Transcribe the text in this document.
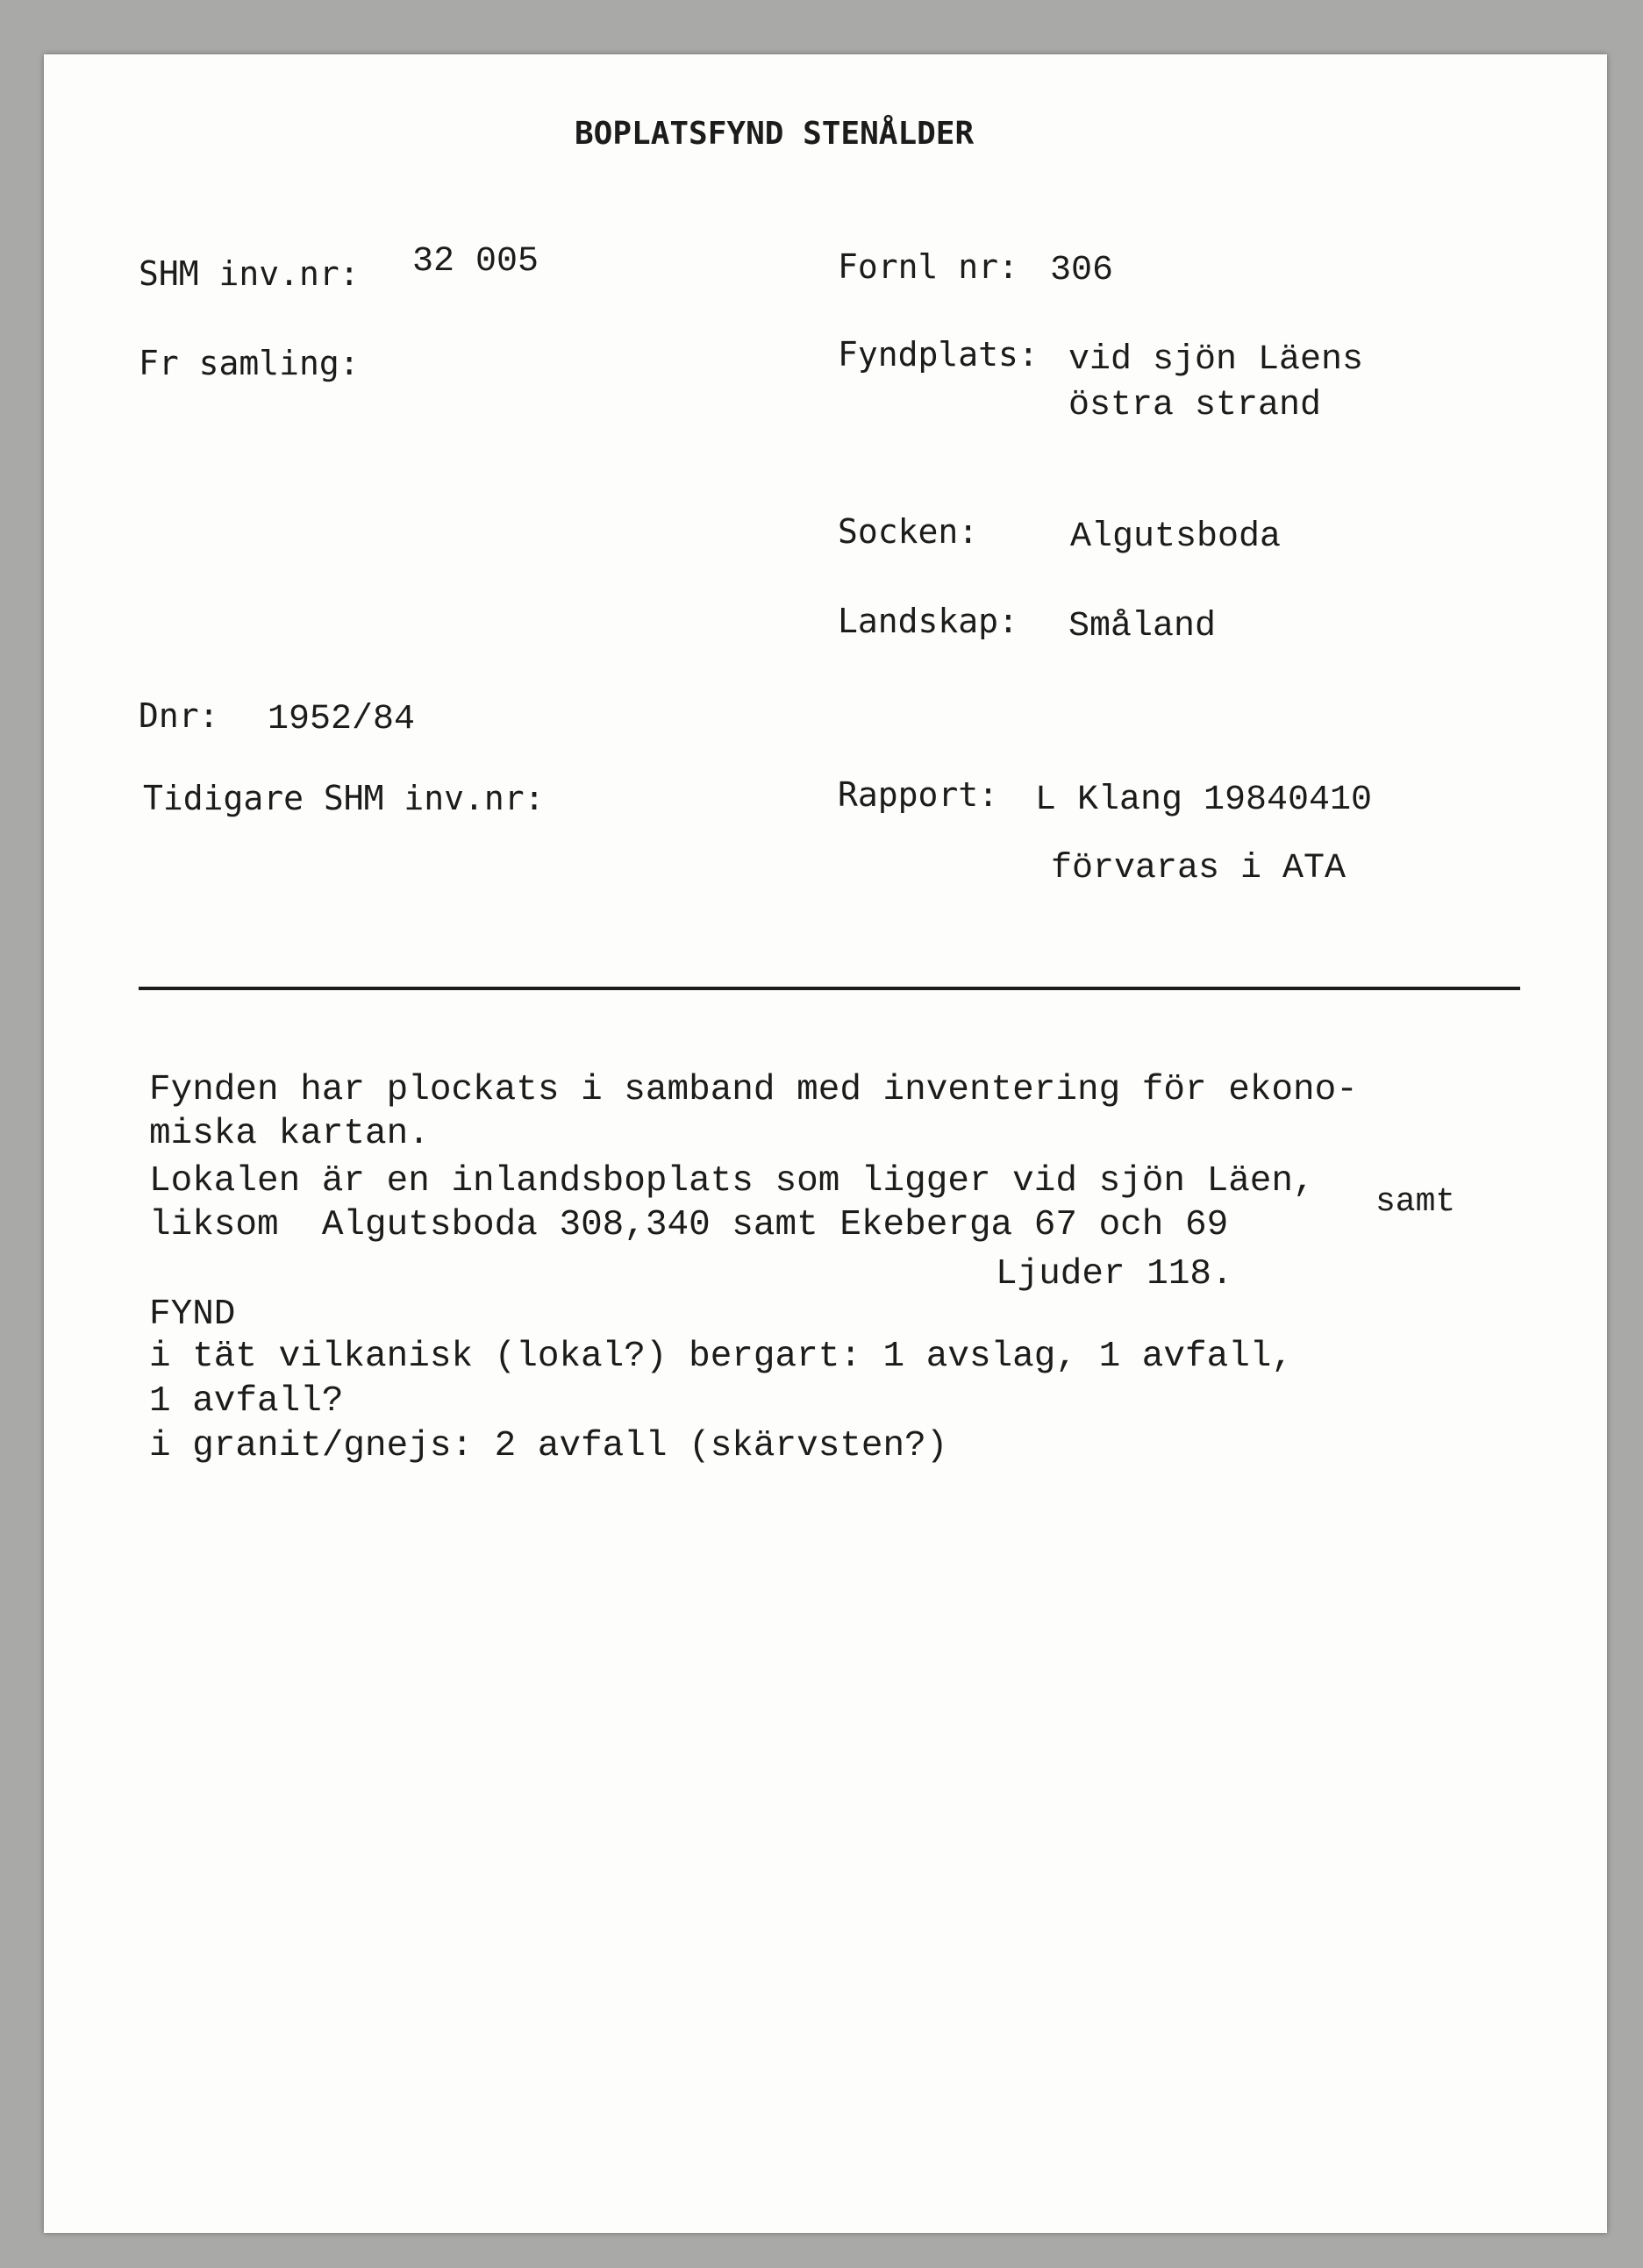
BOPLATSFYND STENÅLDER
SHM inv.nr: 32 005
Fr samling:
Dnr: 1952/84
Tidigare SHM inv.nr:
Fornl nr: 306
Fyndplats: vid sjön Läens
östra strand
Socken:	Algutsboda
Landskap: Småland
Rapport: L Klang 19840410
förvaras i ATA
Fynden har plockats i samband med inventering för ekono-
miska kartan.
Lokalen är en inlandsboplats som ligger vid sjön Läen,
samt
liksom  Algutsboda 308,340 samt Ekeberga 67 och 69
Ljuder 118.
FYND
i tät vilkanisk (lokal?) bergart: 1 avslag, 1 avfall,
1 avfall?
i granit/gnejs: 2 avfall (skärvsten?)
